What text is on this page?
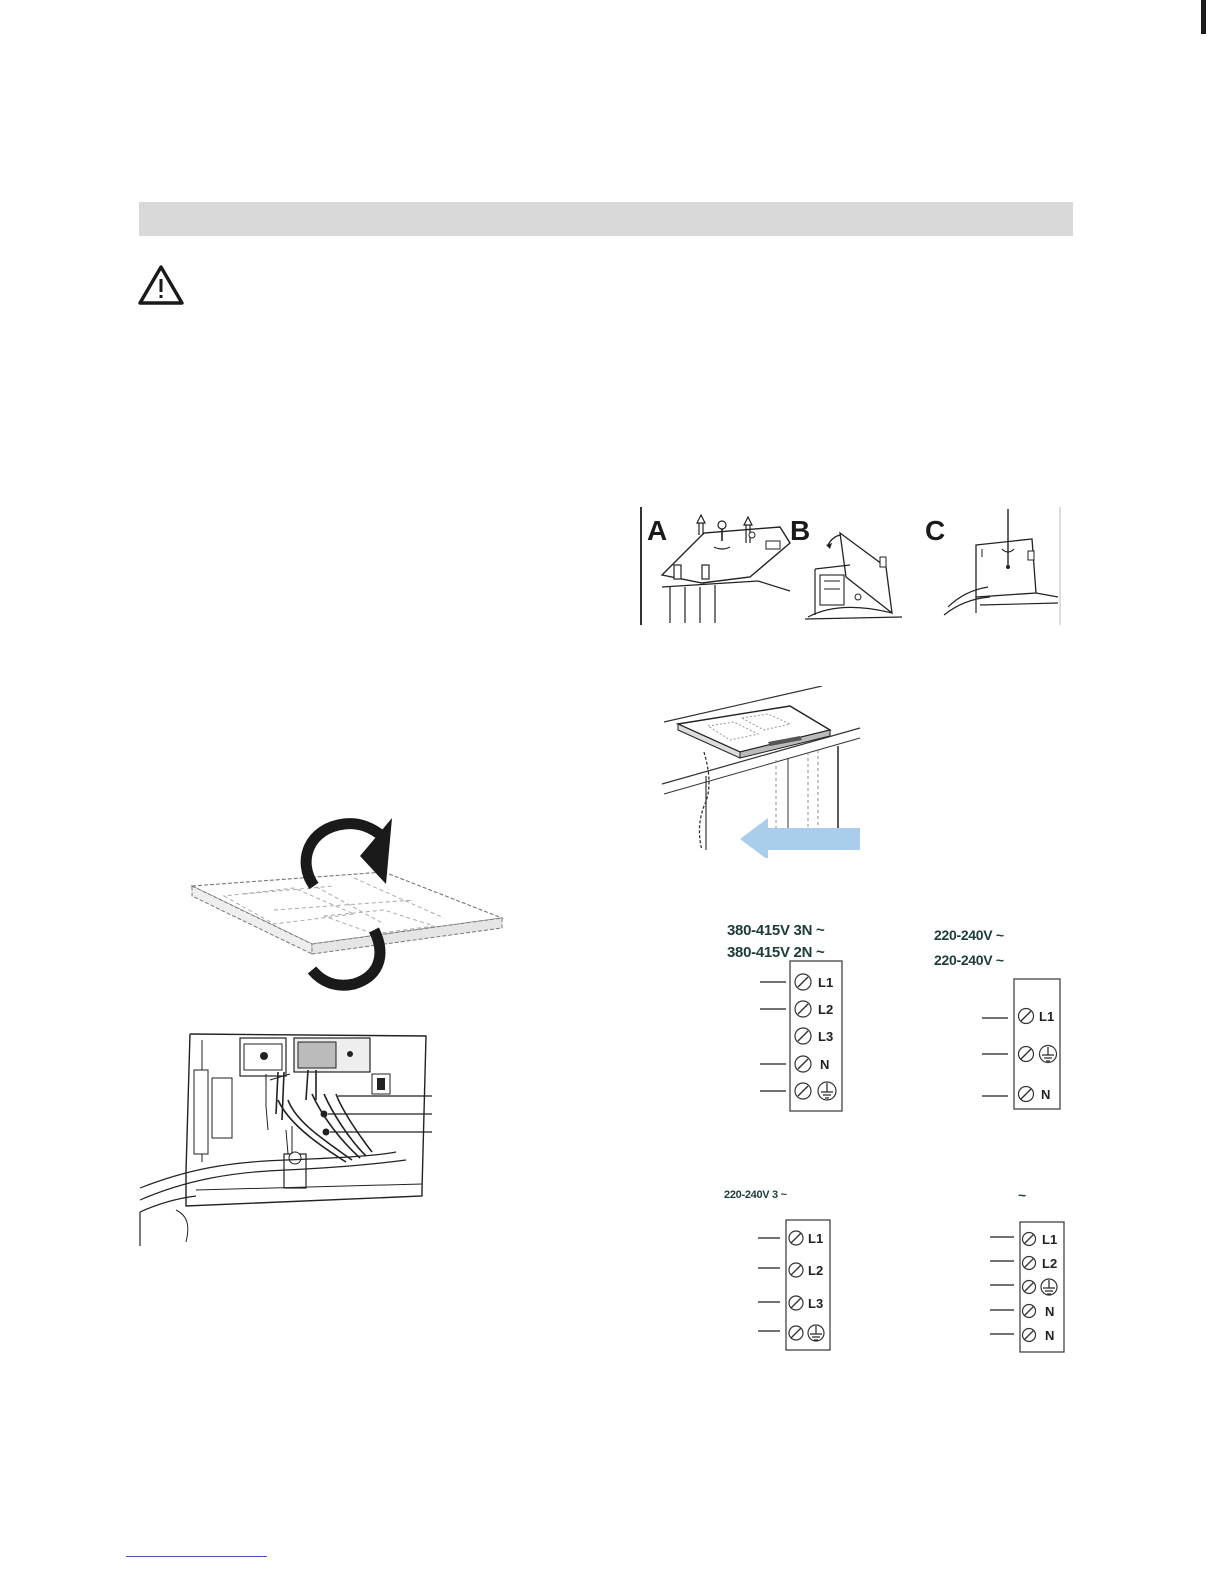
A	B	C
380-415V 3N ~
380-415V 2N ~
L1
L2
L3
N
220-240V ~
220-240V ~
L1
N
220-240V 3 ~
L1
L2
L3
~
L1
L2
N
N
